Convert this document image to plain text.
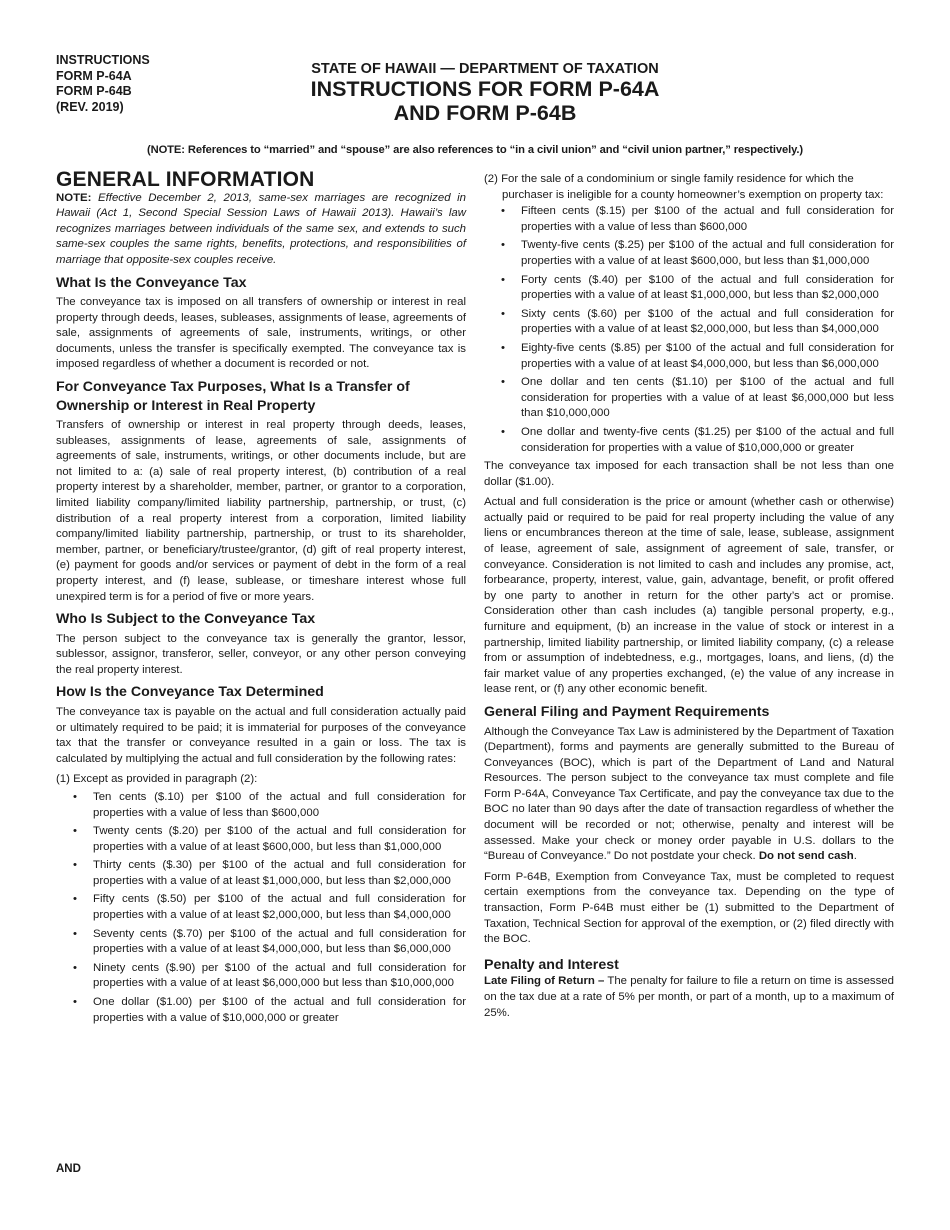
INSTRUCTIONS
FORM P-64A
FORM P-64B
(REV. 2019)
STATE OF HAWAII — DEPARTMENT OF TAXATION
INSTRUCTIONS FOR FORM P-64A
AND FORM P-64B
(NOTE: References to “married” and “spouse” are also references to “in a civil union” and “civil union partner,” respectively.)
GENERAL INFORMATION

NOTE: Effective December 2, 2013, same-sex marriages are recognized in Hawaii (Act 1, Second Special Session Laws of Hawaii 2013). Hawaii’s law recognizes marriages between individuals of the same sex, and extends to such same-sex couples the same rights, benefits, protections, and responsibilities of marriage that opposite-sex couples receive.

What Is the Conveyance Tax

The conveyance tax is imposed on all transfers of ownership or interest in real property through deeds, leases, subleases, assignments of lease, agreements of sale, assignments of agreements of sale, instruments, writings, or other documents, unless the transfer is specifically exempted. The conveyance tax is imposed regardless of whether a document is recorded or not.

For Conveyance Tax Purposes, What Is a Transfer of Ownership or Interest in Real Property

Transfers of ownership or interest in real property through deeds, leases, subleases, assignments of lease, agreements of sale, assignments of agreements of sale, instruments, writings, or other documents include, but are not limited to a: (a) sale of real property interest, (b) contribution of a real property interest by a shareholder, member, partner, or grantor to a corporation, limited liability company/limited liability partnership, partnership, or trust, (c) distribution of a real property interest from a corporation, limited liability company/limited liability partnership, partnership, or trust to its shareholder, member, partner, or beneficiary/trustee/grantor, (d) gift of real property interest, (e) payment for goods and/or services or payment of debt in the form of a real property interest, and (f) lease, sublease, or timeshare interest whose full unexpired term is for a period of five or more years.

Who Is Subject to the Conveyance Tax

The person subject to the conveyance tax is generally the grantor, lessor, sublessor, assignor, transferor, seller, conveyor, or any other person conveying the real property interest.

How Is the Conveyance Tax Determined

The conveyance tax is payable on the actual and full consideration actually paid or ultimately required to be paid; it is immaterial for purposes of the conveyance tax that the transfer or conveyance resulted in a gain or loss. The tax is calculated by multiplying the actual and full consideration by the following rates:

(1) Except as provided in paragraph (2):

• Ten cents ($.10) per $100 of the actual and full consideration for properties with a value of less than $600,000
• Twenty cents ($.20) per $100 of the actual and full consideration for properties with a value of at least $600,000, but less than $1,000,000
• Thirty cents ($.30) per $100 of the actual and full consideration for properties with a value of at least $1,000,000, but less than $2,000,000
• Fifty cents ($.50) per $100 of the actual and full consideration for properties with a value of at least $2,000,000, but less than $4,000,000
• Seventy cents ($.70) per $100 of the actual and full consideration for properties with a value of at least $4,000,000, but less than $6,000,000
• Ninety cents ($.90) per $100 of the actual and full consideration for properties with a value of at least $6,000,000 but less than $10,000,000
• One dollar ($1.00) per $100 of the actual and full consideration for properties with a value of $10,000,000 or greater
AND

(2) For the sale of a condominium or single family residence for which the purchaser is ineligible for a county homeowner’s exemption on property tax:

• Fifteen cents ($.15) per $100 of the actual and full consideration for properties with a value of less than $600,000
• Twenty-five cents ($.25) per $100 of the actual and full consideration for properties with a value of at least $600,000, but less than $1,000,000
• Forty cents ($.40) per $100 of the actual and full consideration for properties with a value of at least $1,000,000, but less than $2,000,000
• Sixty cents ($.60) per $100 of the actual and full consideration for properties with a value of at least $2,000,000, but less than $4,000,000
• Eighty-five cents ($.85) per $100 of the actual and full consideration for properties with a value of at least $4,000,000, but less than $6,000,000
• One dollar and ten cents ($1.10) per $100 of the actual and full consideration for properties with a value of at least $6,000,000 but less than $10,000,000
• One dollar and twenty-five cents ($1.25) per $100 of the actual and full consideration for properties with a value of $10,000,000 or greater

The conveyance tax imposed for each transaction shall be not less than one dollar ($1.00).

Actual and full consideration is the price or amount (whether cash or otherwise) actually paid or required to be paid for real property including the value of any liens or encumbrances thereon at the time of sale, lease, sublease, assignment of lease, agreement of sale, assignment of agreement of sale, transfer, or conveyance. Consideration is not limited to cash and includes any promise, act, forbearance, property, interest, value, gain, advantage, benefit, or profit offered by one party to another in return for the other party’s act or promise. Consideration other than cash includes (a) tangible personal property, e.g., furniture and equipment, (b) an increase in the value of stock or interest in a partnership, limited liability partnership, or limited liability company, (c) a release from or assumption of indebtedness, e.g., mortgages, loans, and liens, (d) the fair market value of any properties exchanged, (e) the value of any increase in lease rent, or (f) any other economic benefit.

General Filing and Payment Requirements

Although the Conveyance Tax Law is administered by the Department of Taxation (Department), forms and payments are generally submitted to the Bureau of Conveyances (BOC), which is part of the Department of Land and Natural Resources. The person subject to the conveyance tax must complete and file Form P-64A, Conveyance Tax Certificate, and pay the conveyance tax due to the BOC no later than 90 days after the date of transaction regardless of whether the document will be recorded or not; otherwise, penalty and interest will be assessed. Make your check or money order payable in U.S. dollars to the “Bureau of Conveyance.” Do not postdate your check. Do not send cash.

Form P-64B, Exemption from Conveyance Tax, must be completed to request certain exemptions from the conveyance tax. Depending on the type of transaction, Form P-64B must either be (1) submitted to the Department of Taxation, Technical Section for approval of the exemption, or (2) filed directly with the BOC.

Penalty and Interest

Late Filing of Return – The penalty for failure to file a return on time is assessed on the tax due at a rate of 5% per month, or part of a month, up to a maximum of 25%.
